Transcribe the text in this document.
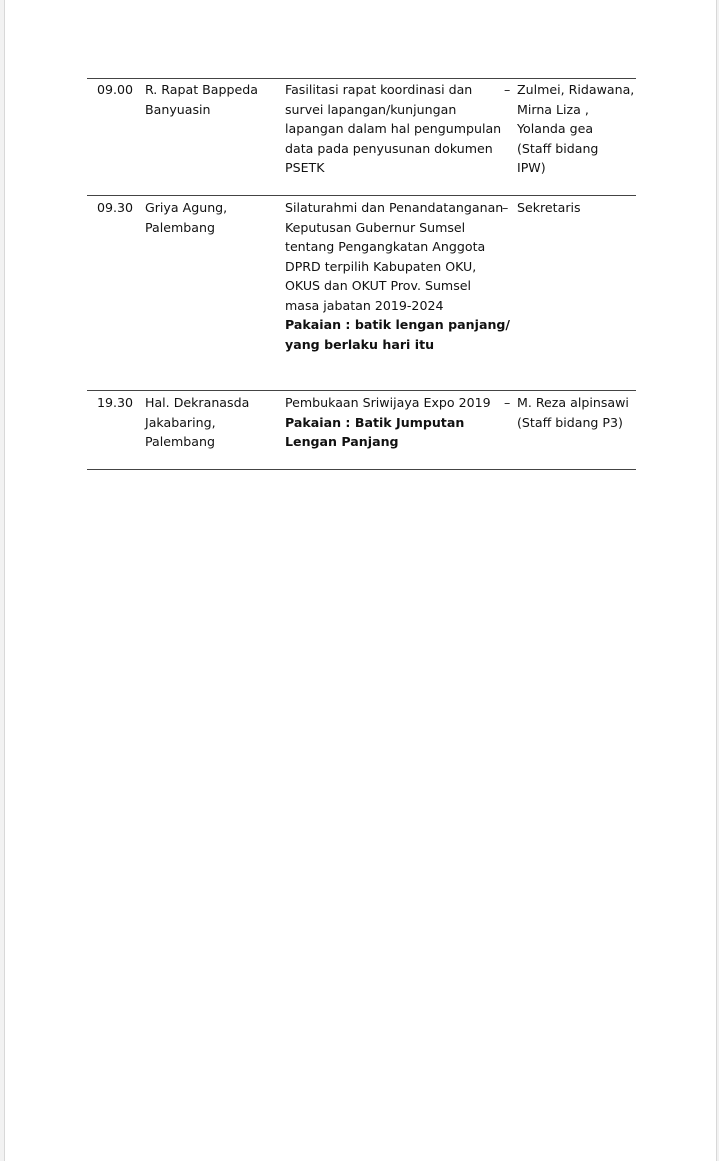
09.00 R. Rapat Bappeda
Banyuasin
Fasilitasi rapat koordinasi dan
survei lapangan/kunjungan
lapangan dalam hal pengumpulan
data pada penyusunan dokumen
PSETK
– Zulmei, Ridawana,
Mirna Liza ,
Yolanda gea
(Staff bidang
IPW)
09.30 Griya Agung,
Palembang
Silaturahmi dan Penandatanganan
Keputusan Gubernur Sumsel
tentang Pengangkatan Anggota
DPRD terpilih Kabupaten OKU,
OKUS dan OKUT Prov. Sumsel
masa jabatan 2019-2024
Pakaian : batik lengan panjang/
yang berlaku hari itu
– Sekretaris
19.30 Hal. Dekranasda
Jakabaring,
Palembang
Pembukaan Sriwijaya Expo 2019
Pakaian : Batik Jumputan
Lengan Panjang
– M. Reza alpinsawi
(Staff bidang P3)
